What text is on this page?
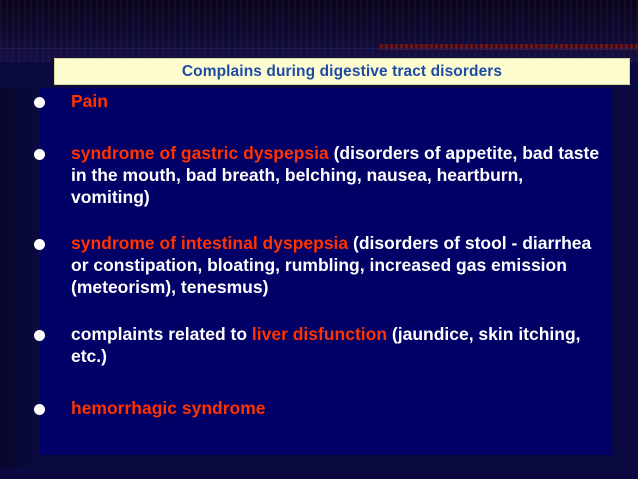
Complains during digestive tract disorders
Pain
syndrome of gastric dyspepsia (disorders of appetite, bad taste in the mouth, bad breath, belching, nausea, heartburn, vomiting)
syndrome of intestinal dyspepsia (disorders of stool - diarrhea or constipation, bloating, rumbling, increased gas emission (meteorism), tenesmus)
complaints related to liver disfunction (jaundice, skin itching, etc.)
hemorrhagic syndrome
